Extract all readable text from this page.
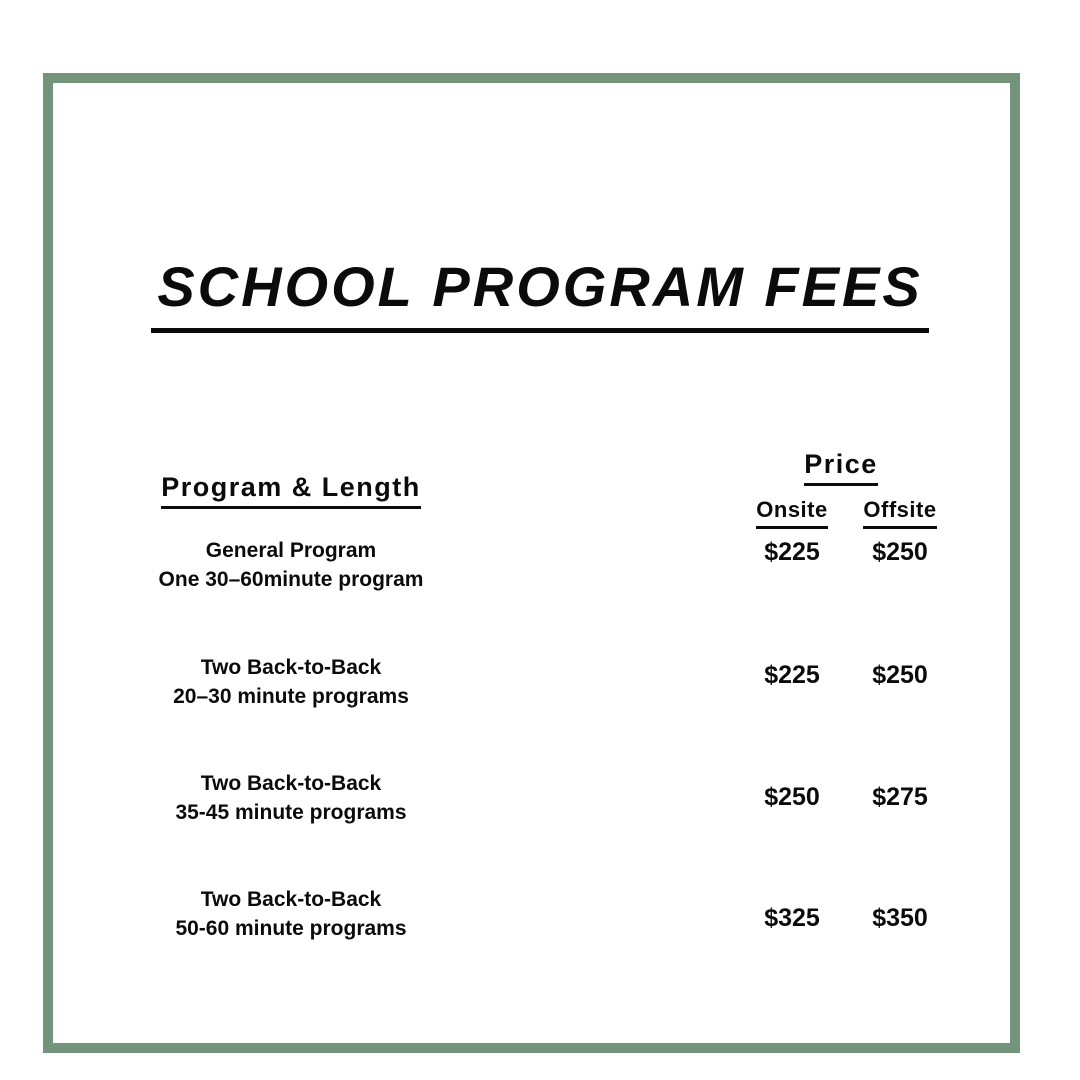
SCHOOL PROGRAM FEES
Program & Length
Price
Onsite	Offsite
General Program
One 30–60minute program
$225	$250
Two Back-to-Back
20–30 minute programs
$225	$250
Two Back-to-Back
35-45 minute programs
$250	$275
Two Back-to-Back
50-60 minute programs	$325	$350
